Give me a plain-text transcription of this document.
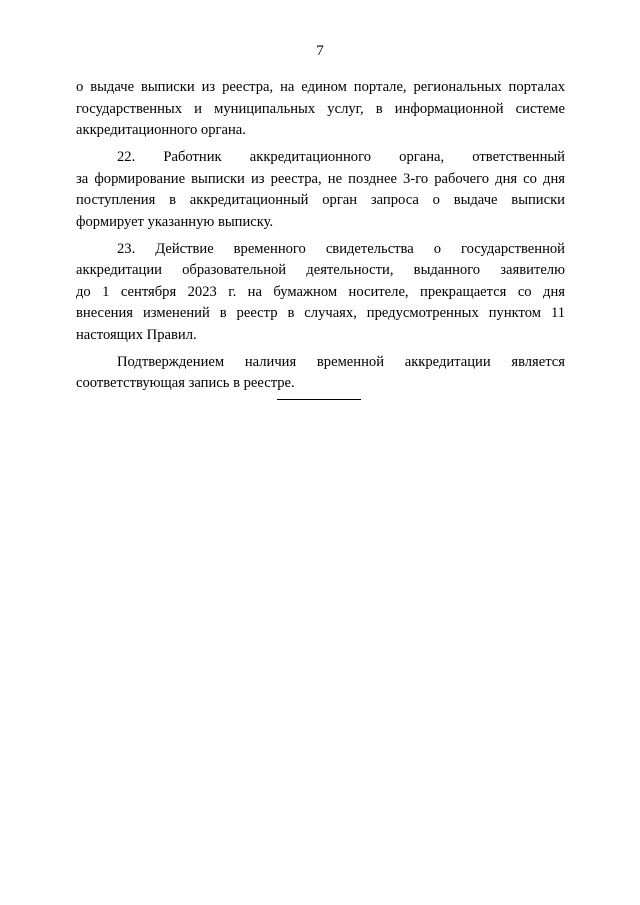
7

о выдаче выписки из реестра, на едином портале, региональных порталах
государственных и муниципальных услуг, в информационной системе
аккредитационного органа.

22. Работник аккредитационного органа, ответственный
за формирование выписки из реестра, не позднее 3-го рабочего дня со дня
поступления в аккредитационный орган запроса о выдаче выписки
формирует указанную выписку.

23. Действие временного свидетельства о государственной
аккредитации образовательной деятельности, выданного заявителю
до 1 сентября 2023 г. на бумажном носителе, прекращается со дня
внесения изменений в реестр в случаях, предусмотренных пунктом 11
настоящих Правил.

Подтверждением наличия временной аккредитации является
соответствующая запись в реестре.
